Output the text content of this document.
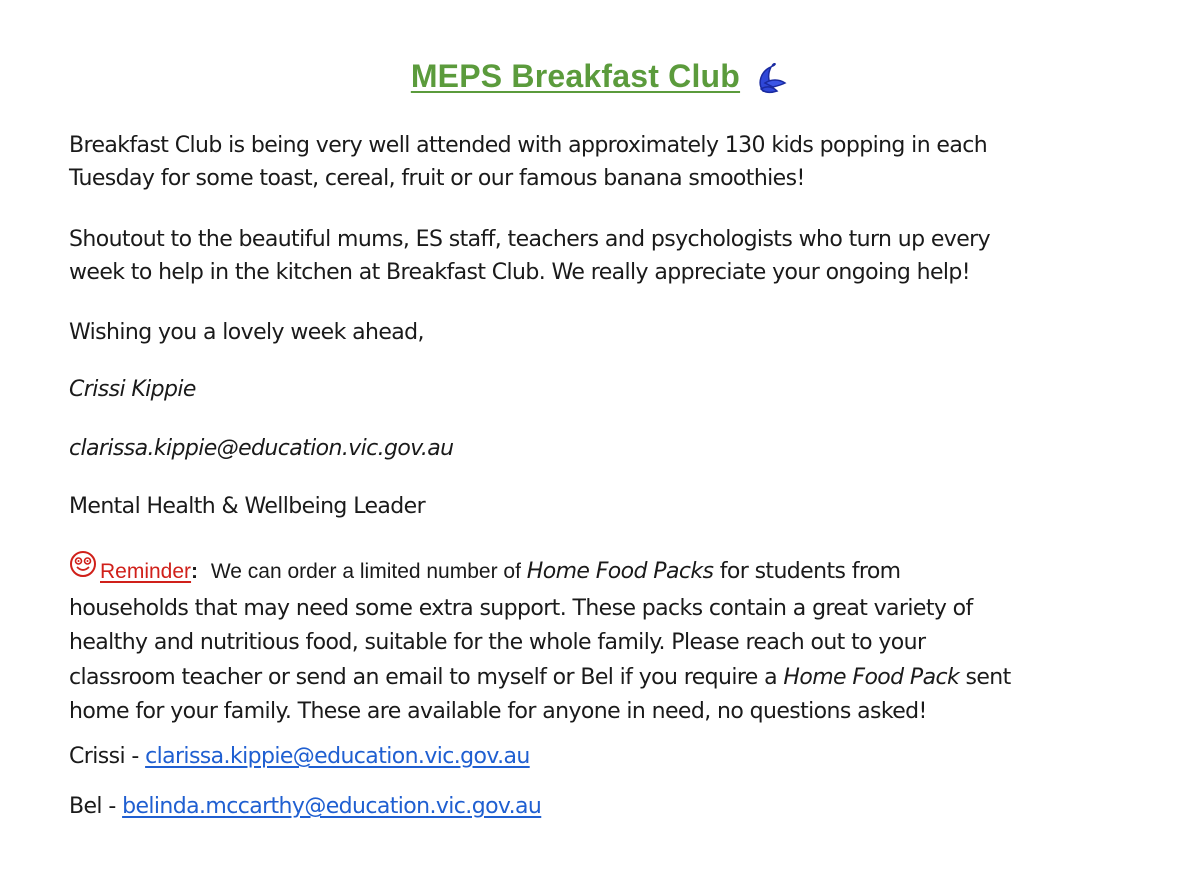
MEPS Breakfast Club

Breakfast Club is being very well attended with approximately 130 kids popping in each
Tuesday for some toast, cereal, fruit or our famous banana smoothies!

Shoutout to the beautiful mums, ES staff, teachers and psychologists who turn up every
week to help in the kitchen at Breakfast Club. We really appreciate your ongoing help!

Wishing you a lovely week ahead,

Crissi Kippie

clarissa.kippie@education.vic.gov.au

Mental Health & Wellbeing Leader

Reminder: We can order a limited number of Home Food Packs for students from
households that may need some extra support. These packs contain a great variety of
healthy and nutritious food, suitable for the whole family. Please reach out to your
classroom teacher or send an email to myself or Bel if you require a Home Food Pack sent
home for your family. These are available for anyone in need, no questions asked!

Crissi - clarissa.kippie@education.vic.gov.au

Bel - belinda.mccarthy@education.vic.gov.au
